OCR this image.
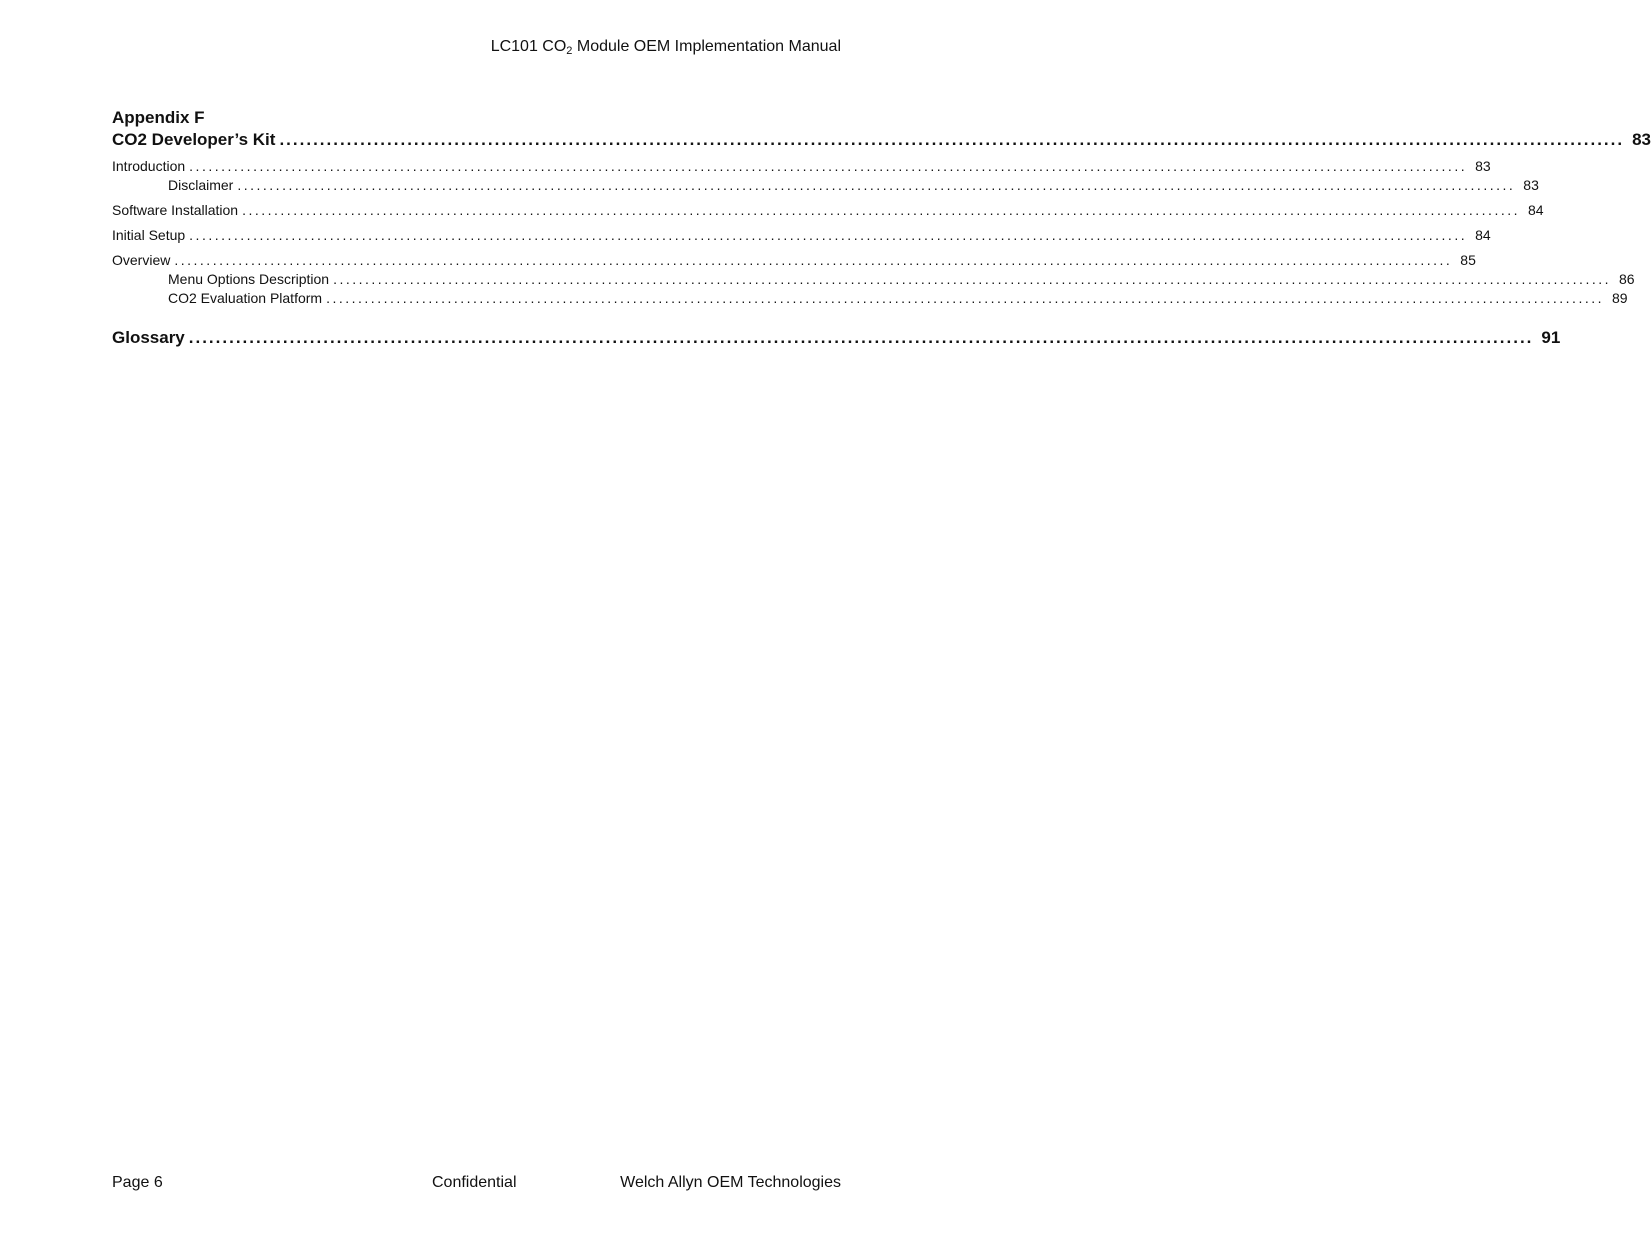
LC101 $CO_2$ Module OEM Implementation Manual
Appendix F
CO2 Developer’s Kit ........................................................................................................................................................................................................ 83
Introduction ........................................................................................................................................................................................................ 83
Disclaimer ........................................................................................................................................................................................................ 83
Software Installation ........................................................................................................................................................................................................ 84
Initial Setup ........................................................................................................................................................................................................ 84
Overview ........................................................................................................................................................................................................ 85
Menu Options Description ........................................................................................................................................................................................................ 86
CO2 Evaluation Platform ........................................................................................................................................................................................................ 89
Glossary ........................................................................................................................................................................................................ 91
Page 6	Confidential	Welch Allyn OEM Technologies
